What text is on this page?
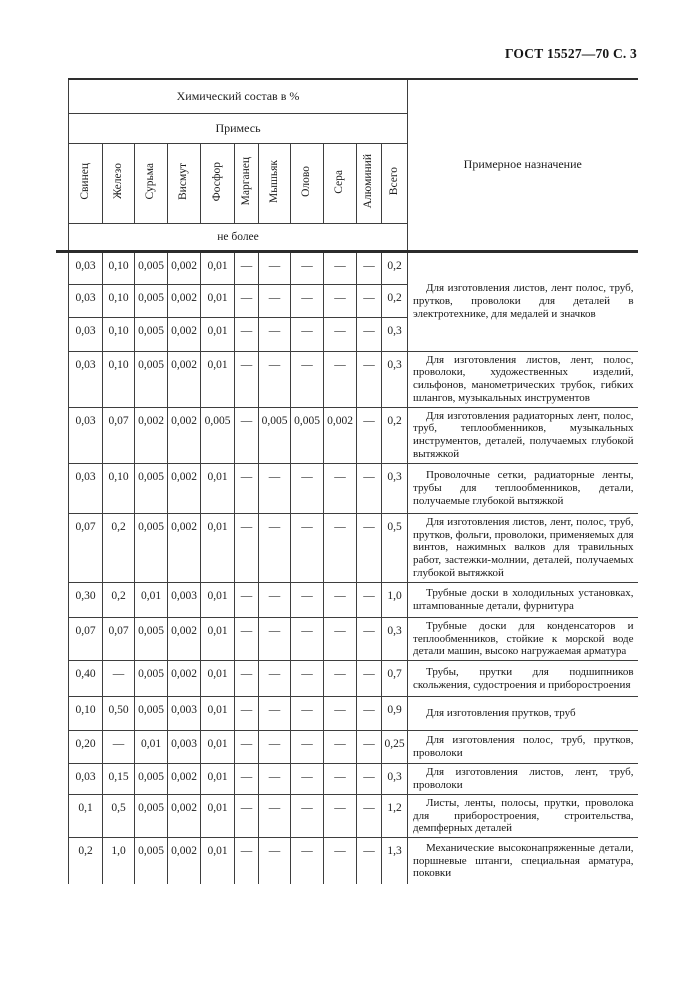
ГОСТ 15527—70 С. 3
Химический состав в %											Примерное назначение
Примесь											
Свинец	Железо	Сурьма	Висмут	Фосфор	Марганец	Мышьяк	Олово	Сера	Алюминий	Всего	
не более											
0,03	0,10	0,005	0,002	0,01	—	—	—	—	—	0,2	Для изготовления листов, лент полос, труб, прутков, проволоки для деталей в электротехнике, для медалей и значков

0,03	0,10	0,005	0,002	0,01	—	—	—	—	—	0,2	
0,03	0,10	0,005	0,002	0,01	—	—	—	—	—	0,3	
0,03	0,10	0,005	0,002	0,01	—	—	—	—	—	0,3	Для изготовления листов, лент, полос, проволоки, художественных изделий, сильфонов, манометрических трубок, гибких шлангов, музыкальных инструментов

0,03	0,07	0,002	0,002	0,005	—	0,005	0,005	0,002	—	0,2	Для изготовления радиаторных лент, полос, труб, теплообменников, музыкальных инструментов, деталей, получаемых глубокой вытяжкой

0,03	0,10	0,005	0,002	0,01	—	—	—	—	—	0,3	Проволочные сетки, радиаторные ленты, трубы для теплообменников, детали, получаемые глубокой вытяжкой

0,07	0,2	0,005	0,002	0,01	—	—	—	—	—	0,5	Для изготовления листов, лент, полос, труб, прутков, фольги, проволоки, применяемых для винтов, нажимных валков для травильных работ, застежки-молнии, деталей, получаемых глубокой вытяжкой

0,30	0,2	0,01	0,003	0,01	—	—	—	—	—	1,0	Трубные доски в холодильных установках, штампованные детали, фурнитура

0,07	0,07	0,005	0,002	0,01	—	—	—	—	—	0,3	Трубные доски для конденсаторов и теплообменников, стойкие к морской воде детали машин, высоко нагружаемая арматура

0,40	—	0,005	0,002	0,01	—	—	—	—	—	0,7	Трубы, прутки для подшипников скольжения, судостроения и приборостроения

0,10	0,50	0,005	0,003	0,01	—	—	—	—	—	0,9	Для изготовления прутков, труб

0,20	—	0,01	0,003	0,01	—	—	—	—	—	0,25	Для изготовления полос, труб, прутков, проволоки

0,03	0,15	0,005	0,002	0,01	—	—	—	—	—	0,3	Для изготовления листов, лент, труб, проволоки

0,1	0,5	0,005	0,002	0,01	—	—	—	—	—	1,2	Листы, ленты, полосы, прутки, проволока для приборостроения, строительства, демпферных деталей

0,2	1,0	0,005	0,002	0,01	—	—	—	—	—	1,3	Механические высоконапряженные детали, поршневые штанги, специальная арматура, поковки
